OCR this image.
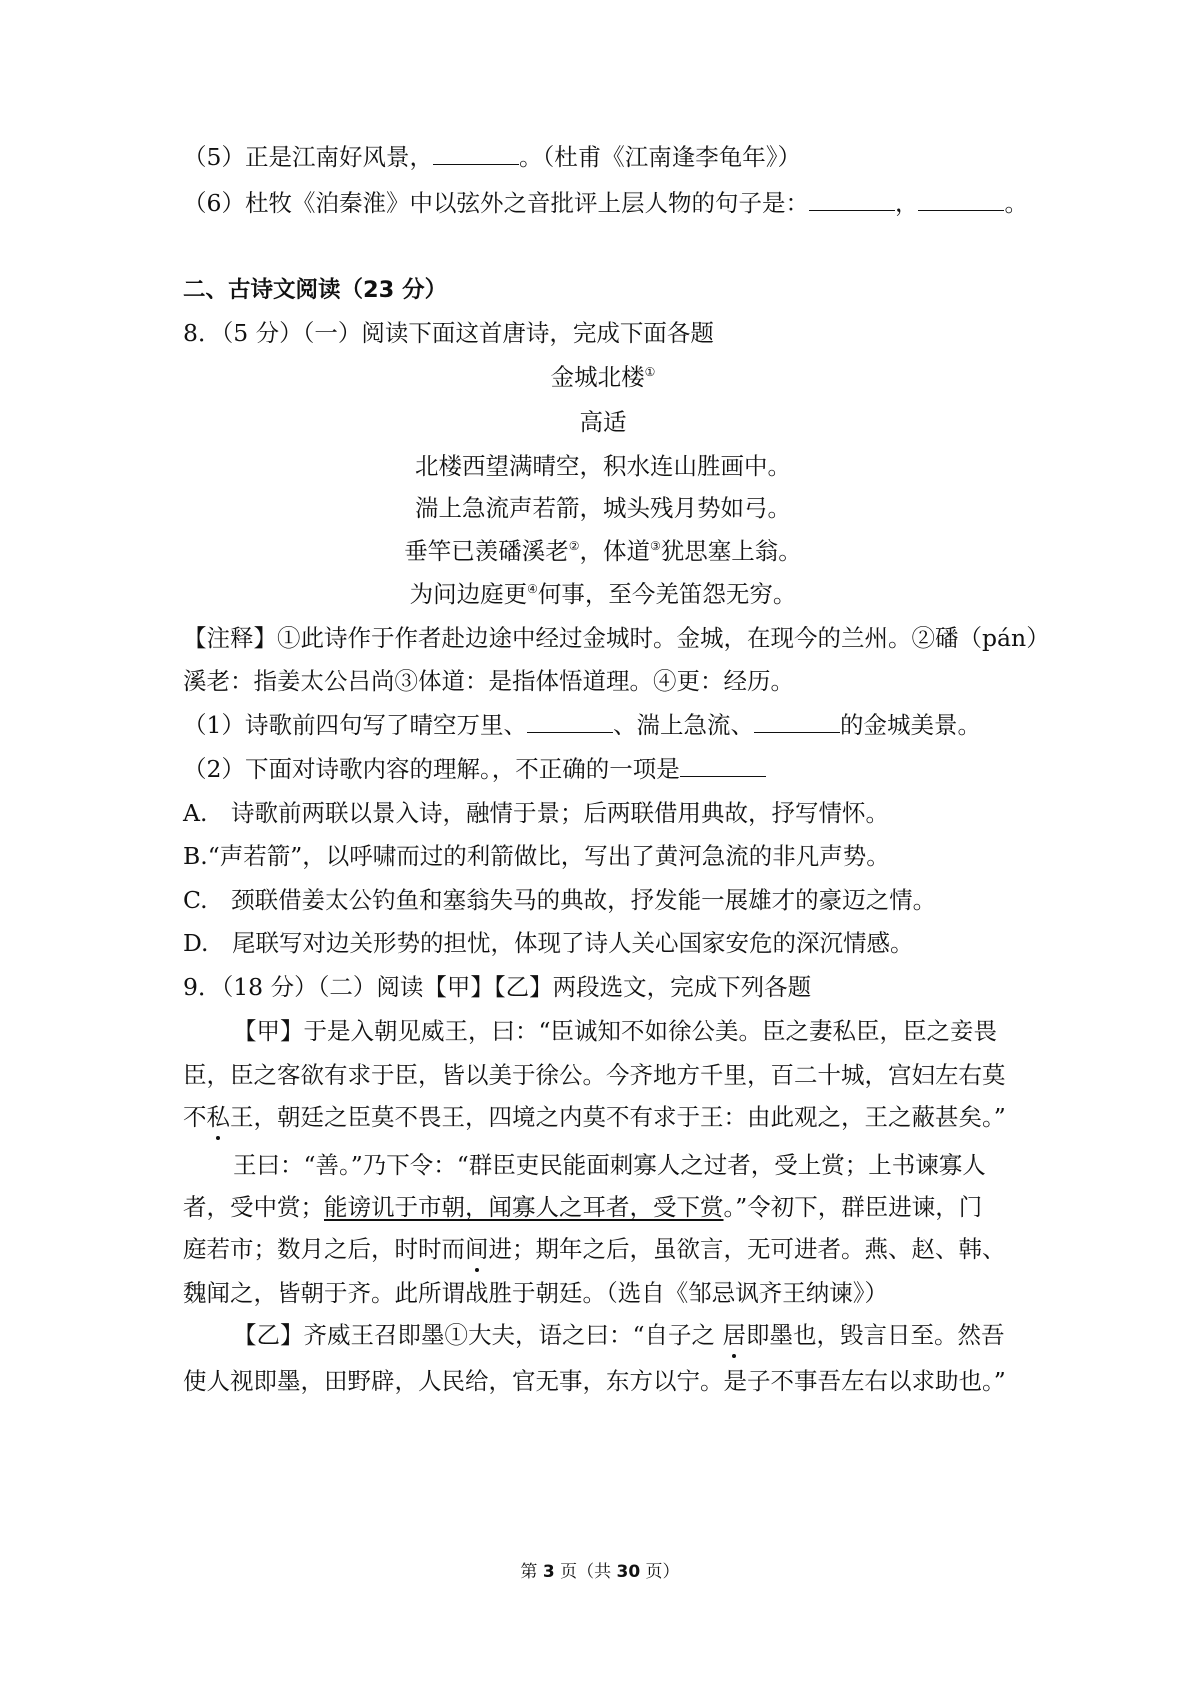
（5）正是江南好风景，	。（杜甫《江南逢李龟年》）
（6）杜牧《泊秦淮》中以弦外之音批评上层人物的句子是：	，	。
二、古诗文阅读（23 分）
8．（5 分）（一）阅读下面这首唐诗，完成下面各题
金城北楼①
高适
北楼西望满晴空，积水连山胜画中。
湍上急流声若箭，城头残月势如弓。
垂竿已羡磻溪老②，体道③犹思塞上翁。
为问边庭更④何事，至今羌笛怨无穷。
【注释】①此诗作于作者赴边途中经过金城时。金城，在现今的兰州。②磻（pán）
溪老：指姜太公吕尚③体道：是指体悟道理。④更：经历。
（1）诗歌前四句写了晴空万里、	、湍上急流、	的金城美景。
（2）下面对诗歌内容的理解。，不正确的一项是
A.　诗歌前两联以景入诗，融情于景；后两联借用典故，抒写情怀。
B.“声若箭”，以呼啸而过的利箭做比，写出了黄河急流的非凡声势。
C.　颈联借姜太公钓鱼和塞翁失马的典故，抒发能一展雄才的豪迈之情。
D.　尾联写对边关形势的担忧，体现了诗人关心国家安危的深沉情感。
9．（18 分）（二）阅读【甲】【乙】两段选文，完成下列各题
【甲】于是入朝见威王，曰：“臣诚知不如徐公美。臣之妻私臣，臣之妾畏
臣，臣之客欲有求于臣，皆以美于徐公。今齐地方千里，百二十城，宫妇左右莫
不私王，朝廷之臣莫不畏王，四境之内莫不有求于王：由此观之，王之蔽甚矣。”
王曰：“善。”乃下令：“群臣吏民能面刺寡人之过者，受上赏；上书谏寡人
者，受中赏；能谤讥于市朝，闻寡人之耳者，受下赏。”令初下，群臣进谏，门
庭若市；数月之后，时时而间进；期年之后，虽欲言，无可进者。燕、赵、韩、
魏闻之，皆朝于齐。此所谓战胜于朝廷。（选自《邹忌讽齐王纳谏》）
【乙】齐威王召即墨①大夫，语之曰：“自子之 居即墨也，毁言日至。然吾
使人视即墨，田野辟，人民给，官无事，东方以宁。是子不事吾左右以求助也。”
第 3 页（共 30 页）
